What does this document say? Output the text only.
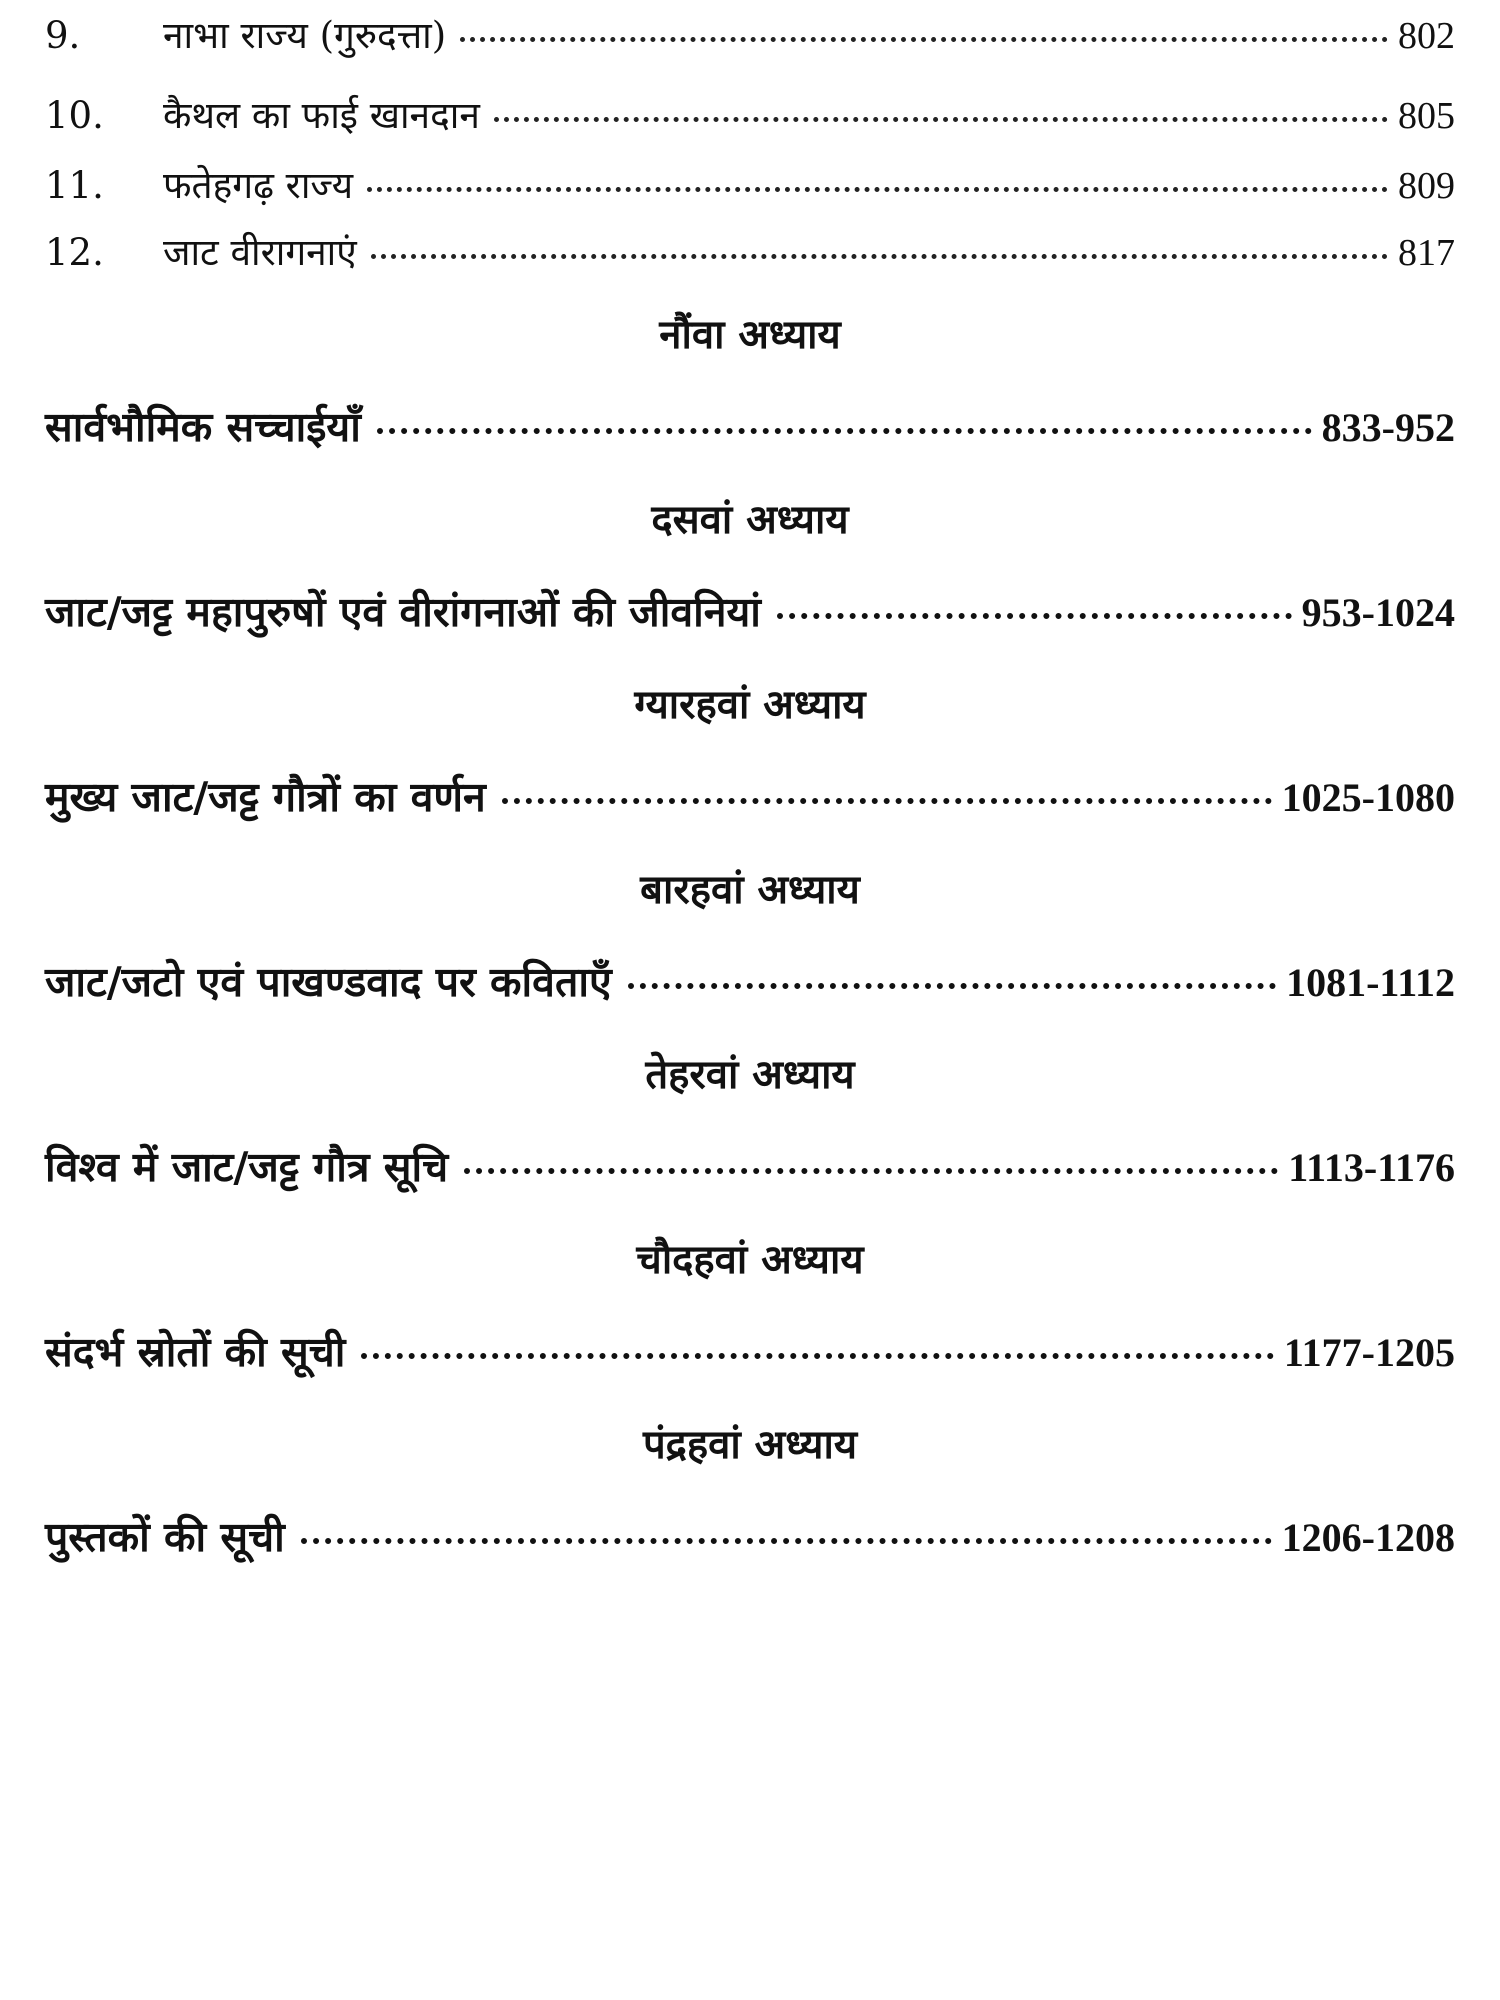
9.	नाभा राज्य (गुरुदत्ता)	802
10.	कैथल का फाई खानदान	805
11.	फतेहगढ़ राज्य	809
12.	जाट वीरागनाएं	817
नौंवा अध्याय
सार्वभौमिक सच्चाईयाँ	833-952
दसवां अध्याय
जाट/जट्ट महापुरुषों एवं वीरांगनाओं की जीवनियां	953-1024
ग्यारहवां अध्याय
मुख्य जाट/जट्ट गौत्रों का वर्णन	1025-1080
बारहवां अध्याय
जाट/जटो एवं पाखण्डवाद पर कविताएँ	1081-1112
तेहरवां अध्याय
विश्व में जाट/जट्ट गौत्र सूचि	1113-1176
चौदहवां अध्याय
संदर्भ स्रोतों की सूची	1177-1205
पंद्रहवां अध्याय
पुस्तकों की सूची	1206-1208
